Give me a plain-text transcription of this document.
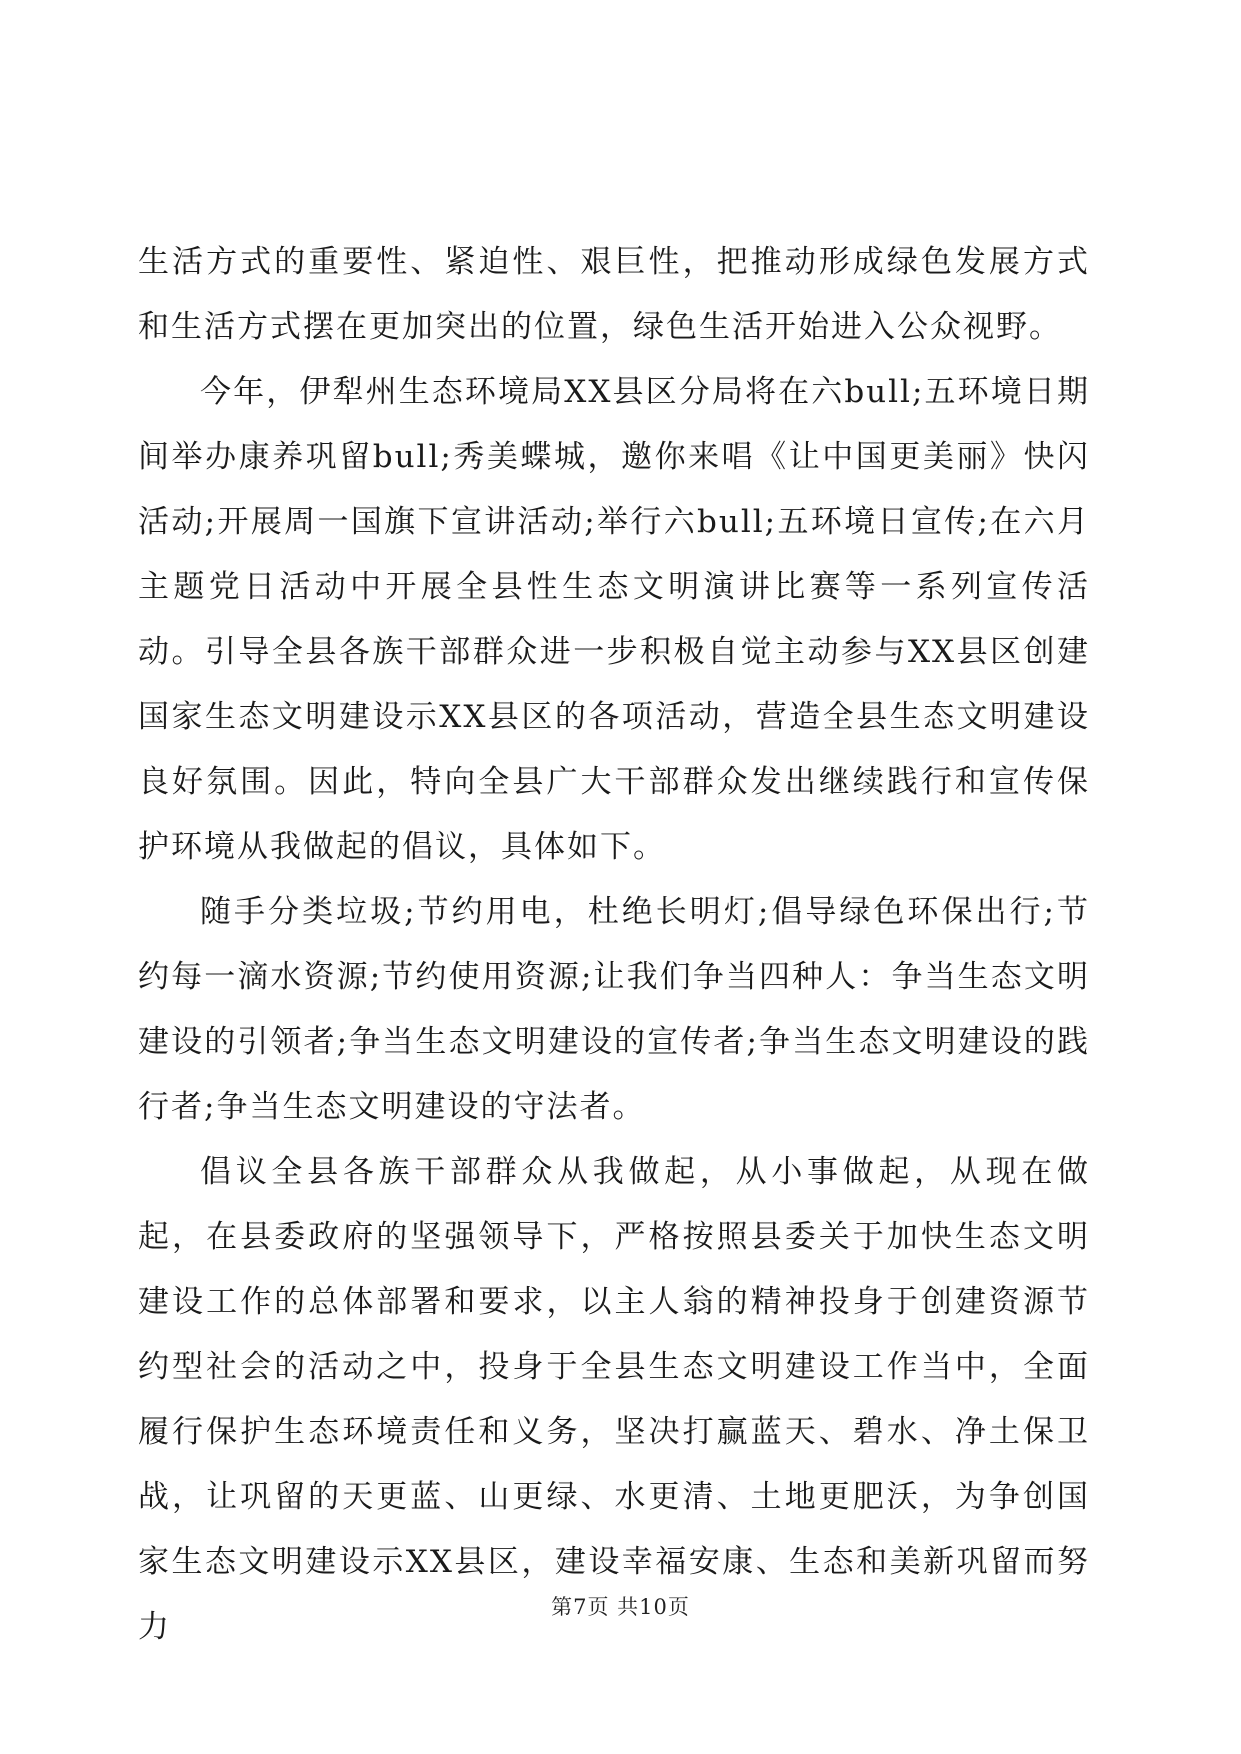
生活方式的重要性、紧迫性、艰巨性，把推动形成绿色发展方式和生活方式摆在更加突出的位置，绿色生活开始进入公众视野。

今年，伊犁州生态环境局XX县区分局将在六bull;五环境日期间举办康养巩留bull;秀美蝶城，邀你来唱《让中国更美丽》快闪活动;开展周一国旗下宣讲活动;举行六bull;五环境日宣传;在六月主题党日活动中开展全县性生态文明演讲比赛等一系列宣传活动。引导全县各族干部群众进一步积极自觉主动参与XX县区创建国家生态文明建设示XX县区的各项活动，营造全县生态文明建设良好氛围。因此，特向全县广大干部群众发出继续践行和宣传保护环境从我做起的倡议，具体如下。

随手分类垃圾;节约用电，杜绝长明灯;倡导绿色环保出行;节约每一滴水资源;节约使用资源;让我们争当四种人：争当生态文明建设的引领者;争当生态文明建设的宣传者;争当生态文明建设的践行者;争当生态文明建设的守法者。

倡议全县各族干部群众从我做起，从小事做起，从现在做起，在县委政府的坚强领导下，严格按照县委关于加快生态文明建设工作的总体部署和要求，以主人翁的精神投身于创建资源节约型社会的活动之中，投身于全县生态文明建设工作当中，全面履行保护生态环境责任和义务，坚决打赢蓝天、碧水、净土保卫战，让巩留的天更蓝、山更绿、水更清、土地更肥沃，为争创国家生态文明建设示XX县区，建设幸福安康、生态和美新巩留而努力

第7页 共10页
